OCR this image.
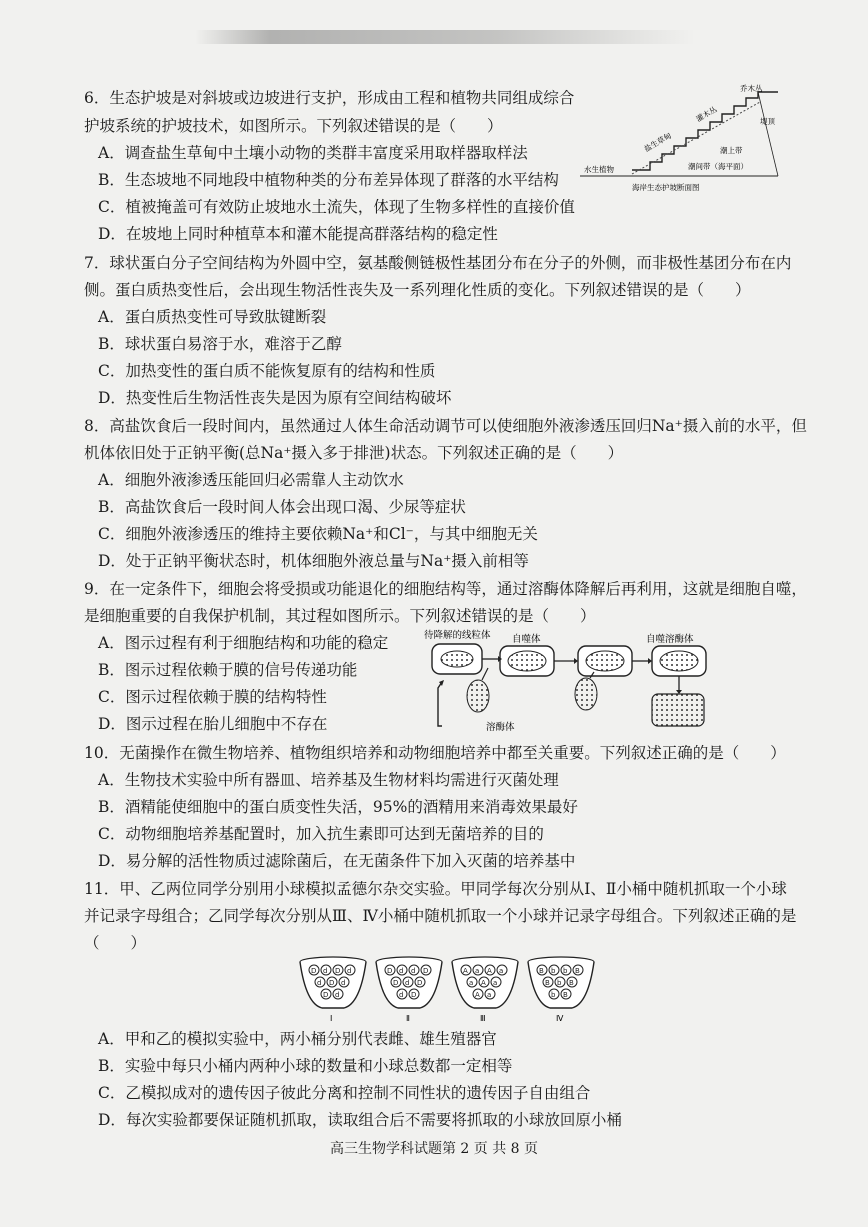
6．生态护坡是对斜坡或边坡进行支护，形成由工程和植物共同组成综合
护坡系统的护坡技术，如图所示。下列叙述错误的是（　　）
A．调查盐生草甸中土壤小动物的类群丰富度采用取样器取样法
B．生态坡地不同地段中植物种类的分布差异体现了群落的水平结构
C．植被掩盖可有效防止坡地水土流失，体现了生物多样性的直接价值
D．在坡地上同时种植草本和灌木能提高群落结构的稳定性
乔木丛
堤顶
灌木丛
盐生草甸	潮上带
水生植物	潮间带（海平面）
海岸生态护坡断面图
7．球状蛋白分子空间结构为外圆中空，氨基酸侧链极性基团分布在分子的外侧，而非极性基团分布在内
侧。蛋白质热变性后，会出现生物活性丧失及一系列理化性质的变化。下列叙述错误的是（　　）
A．蛋白质热变性可导致肽键断裂
B．球状蛋白易溶于水，难溶于乙醇
C．加热变性的蛋白质不能恢复原有的结构和性质
D．热变性后生物活性丧失是因为原有空间结构破坏
8．高盐饮食后一段时间内，虽然通过人体生命活动调节可以使细胞外液渗透压回归Na⁺摄入前的水平，但
机体依旧处于正钠平衡(总Na⁺摄入多于排泄)状态。下列叙述正确的是（　　）
A．细胞外液渗透压能回归必需靠人主动饮水
B．高盐饮食后一段时间人体会出现口渴、少尿等症状
C．细胞外液渗透压的维持主要依赖Na⁺和Cl⁻，与其中细胞无关
D．处于正钠平衡状态时，机体细胞外液总量与Na⁺摄入前相等
9．在一定条件下，细胞会将受损或功能退化的细胞结构等，通过溶酶体降解后再利用，这就是细胞自噬，
是细胞重要的自我保护机制，其过程如图所示。下列叙述错误的是（　　）
A．图示过程有利于细胞结构和功能的稳定
B．图示过程依赖于膜的信号传递功能
C．图示过程依赖于膜的结构特性
D．图示过程在胎儿细胞中不存在
待降解的线粒体 自噬体	自噬溶酶体
溶酶体
10．无菌操作在微生物培养、植物组织培养和动物细胞培养中都至关重要。下列叙述正确的是（　　）
A．生物技术实验中所有器皿、培养基及生物材料均需进行灭菌处理
B．酒精能使细胞中的蛋白质变性失活，95%的酒精用来消毒效果最好
C．动物细胞培养基配置时，加入抗生素即可达到无菌培养的目的
D．易分解的活性物质过滤除菌后，在无菌条件下加入灭菌的培养基中
11．甲、乙两位同学分别用小球模拟孟德尔杂交实验。甲同学每次分别从Ⅰ、Ⅱ小桶中随机抓取一个小球
并记录字母组合；乙同学每次分别从Ⅲ、Ⅳ小桶中随机抓取一个小球并记录字母组合。下列叙述正确的是
（　　）
D d D d
d D d
D d
Ⅰ
D d d D
D d D
d D
Ⅱ
A a A a
a A a
A a
Ⅲ
B b b B
B b B
b B
Ⅳ
A．甲和乙的模拟实验中，两小桶分别代表雌、雄生殖器官
B．实验中每只小桶内两种小球的数量和小球总数都一定相等
C．乙模拟成对的遗传因子彼此分离和控制不同性状的遗传因子自由组合
D．每次实验都要保证随机抓取，读取组合后不需要将抓取的小球放回原小桶
高三生物学科试题第 2 页 共 8 页
